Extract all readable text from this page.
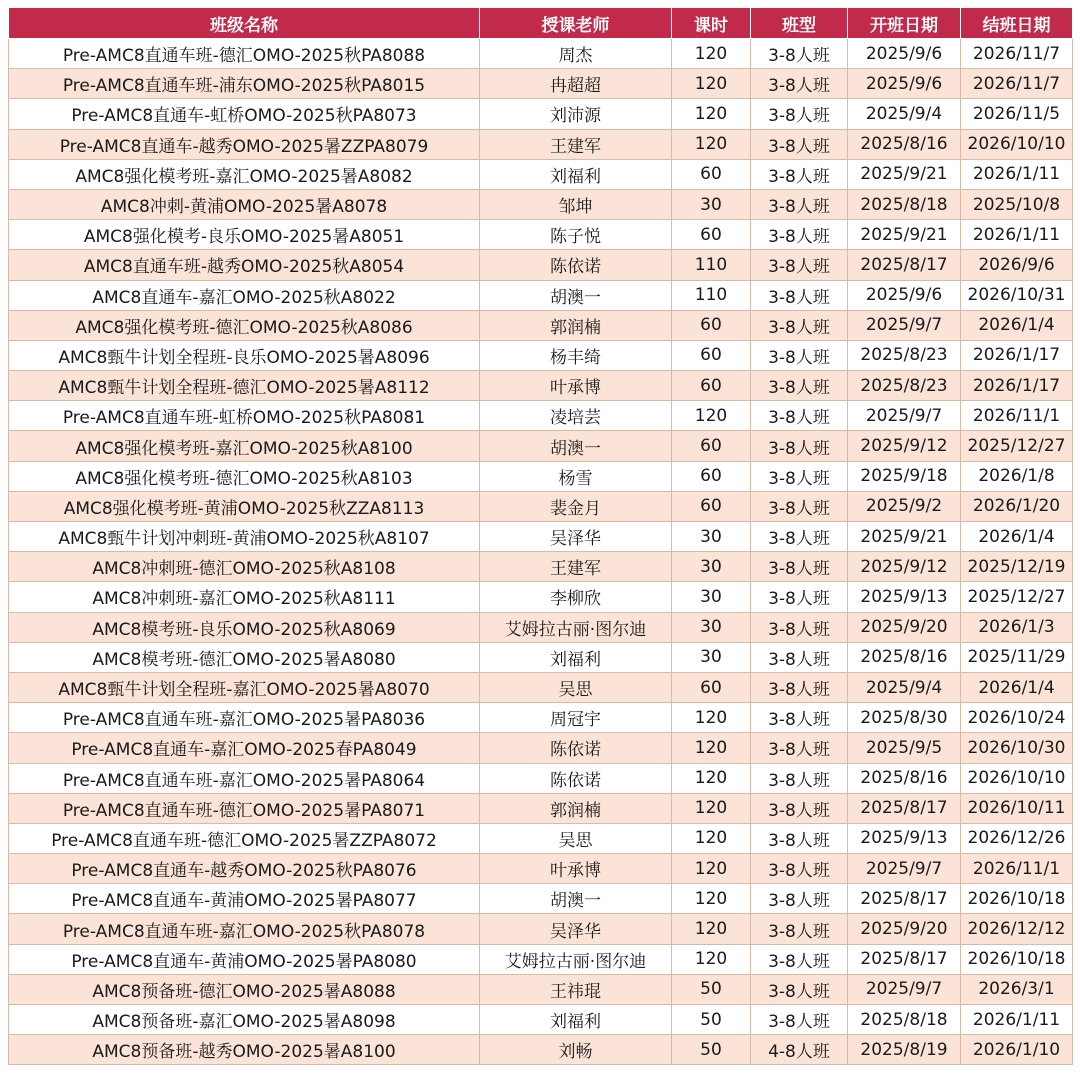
班级名称	授课老师	课时	班型	开班日期	结班日期
Pre-AMC8直通车班-德汇OMO-2025秋PA8088	周杰	120	3-8人班	2025/9/6	2026/11/7
Pre-AMC8直通车班-浦东OMO-2025秋PA8015	冉超超	120	3-8人班	2025/9/6	2026/11/7
Pre-AMC8直通车-虹桥OMO-2025秋PA8073	刘沛源	120	3-8人班	2025/9/4	2026/11/5
Pre-AMC8直通车-越秀OMO-2025暑ZZPA8079	王建军	120	3-8人班	2025/8/16	2026/10/10
AMC8强化模考班-嘉汇OMO-2025暑A8082	刘福利	60	3-8人班	2025/9/21	2026/1/11
AMC8冲刺-黄浦OMO-2025暑A8078	邹坤	30	3-8人班	2025/8/18	2025/10/8
AMC8强化模考-良乐OMO-2025暑A8051	陈子悦	60	3-8人班	2025/9/21	2026/1/11
AMC8直通车班-越秀OMO-2025秋A8054	陈依诺	110	3-8人班	2025/8/17	2026/9/6
AMC8直通车-嘉汇OMO-2025秋A8022	胡澳一	110	3-8人班	2025/9/6	2026/10/31
AMC8强化模考班-德汇OMO-2025秋A8086	郭润楠	60	3-8人班	2025/9/7	2026/1/4
AMC8甄牛计划全程班-良乐OMO-2025暑A8096	杨丰绮	60	3-8人班	2025/8/23	2026/1/17
AMC8甄牛计划全程班-德汇OMO-2025暑A8112	叶承博	60	3-8人班	2025/8/23	2026/1/17
Pre-AMC8直通车班-虹桥OMO-2025秋PA8081	凌培芸	120	3-8人班	2025/9/7	2026/11/1
AMC8强化模考班-嘉汇OMO-2025秋A8100	胡澳一	60	3-8人班	2025/9/12	2025/12/27
AMC8强化模考班-德汇OMO-2025秋A8103	杨雪	60	3-8人班	2025/9/18	2026/1/8
AMC8强化模考班-黄浦OMO-2025秋ZZA8113	裴金月	60	3-8人班	2025/9/2	2026/1/20
AMC8甄牛计划冲刺班-黄浦OMO-2025秋A8107	吴泽华	30	3-8人班	2025/9/21	2026/1/4
AMC8冲刺班-德汇OMO-2025秋A8108	王建军	30	3-8人班	2025/9/12	2025/12/19
AMC8冲刺班-嘉汇OMO-2025秋A8111	李柳欣	30	3-8人班	2025/9/13	2025/12/27
AMC8模考班-良乐OMO-2025秋A8069	艾姆拉古丽·图尔迪	30	3-8人班	2025/9/20	2026/1/3
AMC8模考班-德汇OMO-2025暑A8080	刘福利	30	3-8人班	2025/8/16	2025/11/29
AMC8甄牛计划全程班-嘉汇OMO-2025暑A8070	吴思	60	3-8人班	2025/9/4	2026/1/4
Pre-AMC8直通车班-嘉汇OMO-2025暑PA8036	周冠宇	120	3-8人班	2025/8/30	2026/10/24
Pre-AMC8直通车-嘉汇OMO-2025春PA8049	陈依诺	120	3-8人班	2025/9/5	2026/10/30
Pre-AMC8直通车班-嘉汇OMO-2025暑PA8064	陈依诺	120	3-8人班	2025/8/16	2026/10/10
Pre-AMC8直通车班-德汇OMO-2025暑PA8071	郭润楠	120	3-8人班	2025/8/17	2026/10/11
Pre-AMC8直通车班-德汇OMO-2025暑ZZPA8072	吴思	120	3-8人班	2025/9/13	2026/12/26
Pre-AMC8直通车-越秀OMO-2025秋PA8076	叶承博	120	3-8人班	2025/9/7	2026/11/1
Pre-AMC8直通车-黄浦OMO-2025暑PA8077	胡澳一	120	3-8人班	2025/8/17	2026/10/18
Pre-AMC8直通车班-嘉汇OMO-2025秋PA8078	吴泽华	120	3-8人班	2025/9/20	2026/12/12
Pre-AMC8直通车-黄浦OMO-2025暑PA8080	艾姆拉古丽·图尔迪	120	3-8人班	2025/8/17	2026/10/18
AMC8预备班-德汇OMO-2025暑A8088	王祎琨	50	3-8人班	2025/9/7	2026/3/1
AMC8预备班-嘉汇OMO-2025暑A8098	刘福利	50	3-8人班	2025/8/18	2026/1/11
AMC8预备班-越秀OMO-2025暑A8100	刘畅	50	4-8人班	2025/8/19	2026/1/10
